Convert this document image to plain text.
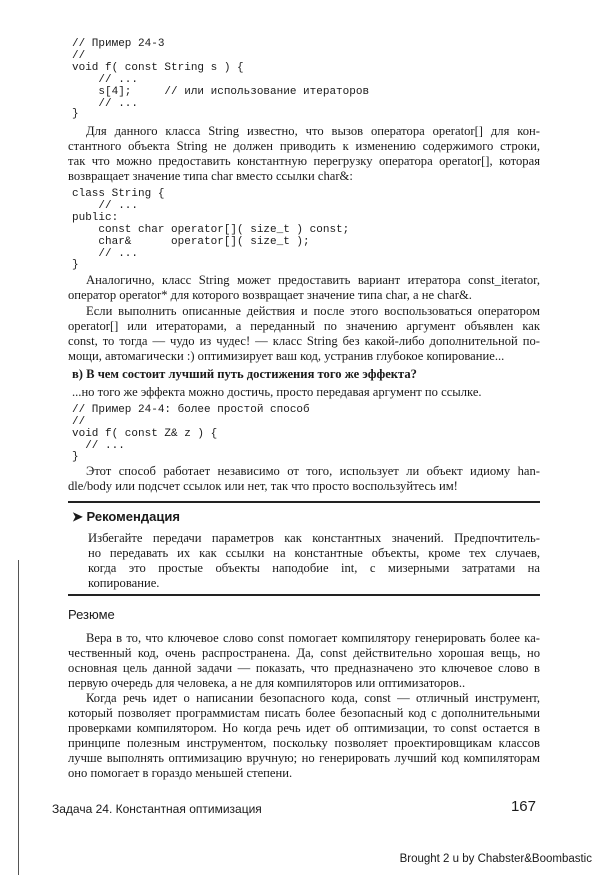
// Пример 24-3
//
void f( const String s ) {
// ...
s[4];     // или использование итераторов
// ...
}
Для данного класса String известно, что вызов оператора operator[] для кон-
стантного объекта String не должен приводить к изменению содержимого строки,
так что можно предоставить константную перегрузку оператора operator[], которая
возвращает значение типа char вместо ссылки char&:
class String {
// ...
public:
const char operator[]( size_t ) const;
char&      operator[]( size_t );
// ...
}
Аналогично, класс String может предоставить вариант итератора const_iterator,
оператор operator* для которого возвращает значение типа char, а не char&.
Если выполнить описанные действия и после этого воспользоваться оператором
operator[] или итераторами, а переданный по значению аргумент объявлен как
const, то тогда — чудо из чудес! — класс String без какой-либо дополнительной по-
мощи, автомагически :) оптимизирует ваш код, устранив глубокое копирование...
в) В чем состоит лучший путь достижения того же эффекта?
...но того же эффекта можно достичь, просто передавая аргумент по ссылке.
// Пример 24-4: более простой способ
//
void f( const Z& z ) {
// ...
}
Этот способ работает независимо от того, использует ли объект идиому han-
dle/body или подсчет ссылок или нет, так что просто воспользуйтесь им!
➤ Рекомендация
Избегайте передачи параметров как константных значений. Предпочтитель-
но передавать их как ссылки на константные объекты, кроме тех случаев,
когда это простые объекты наподобие int, с мизерными затратами на
копирование.
Резюме
Вера в то, что ключевое слово const помогает компилятору генерировать более ка-
чественный код, очень распространена. Да, const действительно хорошая вещь, но
основная цель данной задачи — показать, что предназначено это ключевое слово в
первую очередь для человека, а не для компиляторов или оптимизаторов..
Когда речь идет о написании безопасного кода, const — отличный инструмент,
который позволяет программистам писать более безопасный код с дополнительными
проверками компилятором. Но когда речь идет об оптимизации, то const остается в
принципе полезным инструментом, поскольку позволяет проектировщикам классов
лучше выполнять оптимизацию вручную; но генерировать лучший код компиляторам
оно помогает в гораздо меньшей степени.
Задача 24. Константная оптимизация	167
Brought 2 u by Chabster&Boombastic
